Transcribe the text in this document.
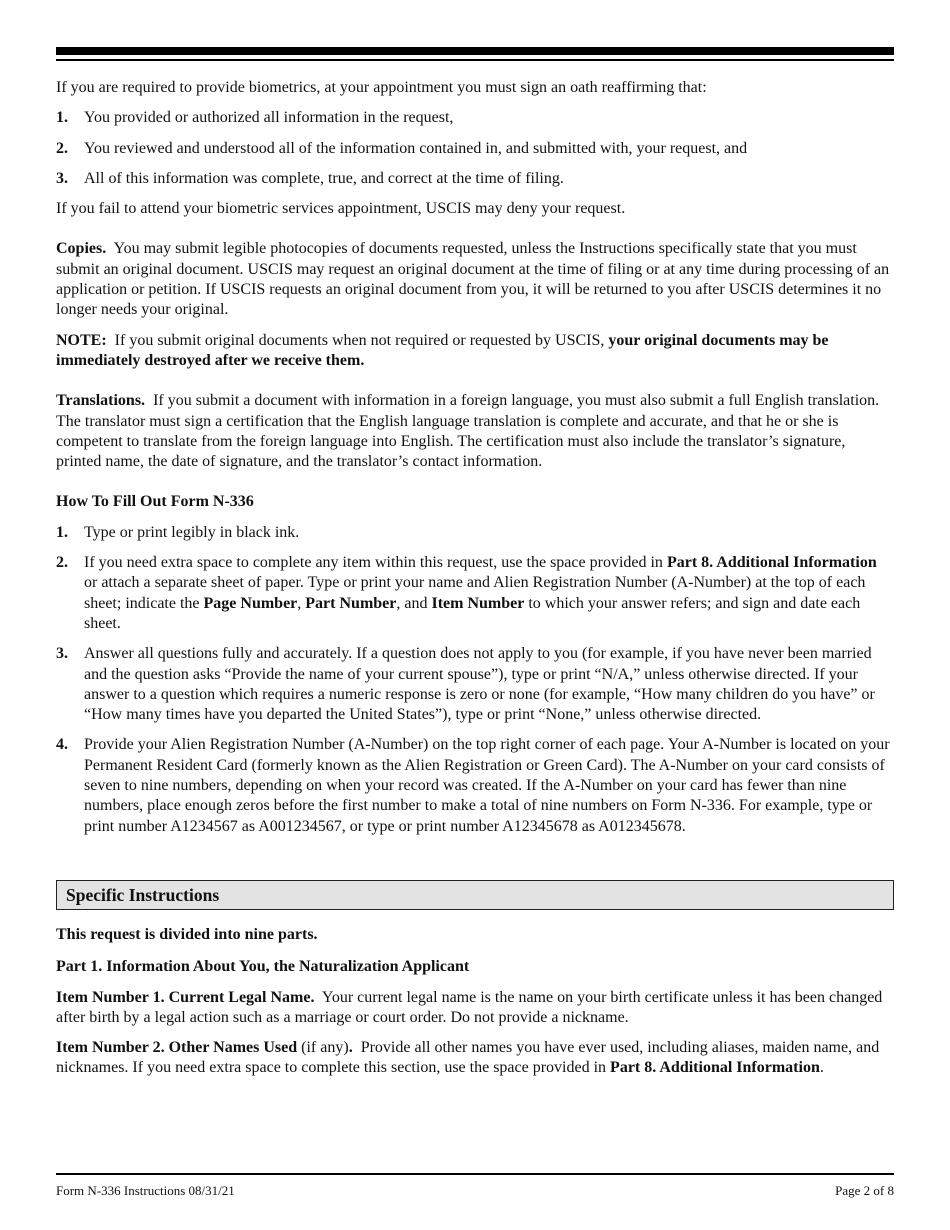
If you are required to provide biometrics, at your appointment you must sign an oath reaffirming that:

1.	You provided or authorized all information in the request,
2.	You reviewed and understood all of the information contained in, and submitted with, your request, and
3.	All of this information was complete, true, and correct at the time of filing.

If you fail to attend your biometric services appointment, USCIS may deny your request.

Copies. You may submit legible photocopies of documents requested, unless the Instructions specifically state that you must submit an original document. USCIS may request an original document at the time of filing or at any time during processing of an application or petition. If USCIS requests an original document from you, it will be returned to you after USCIS determines it no longer needs your original.

NOTE: If you submit original documents when not required or requested by USCIS, your original documents may be immediately destroyed after we receive them.

Translations. If you submit a document with information in a foreign language, you must also submit a full English translation. The translator must sign a certification that the English language translation is complete and accurate, and that he or she is competent to translate from the foreign language into English. The certification must also include the translator’s signature, printed name, the date of signature, and the translator’s contact information.

How To Fill Out Form N-336

1.	Type or print legibly in black ink.
2.	If you need extra space to complete any item within this request, use the space provided in Part 8. Additional Information or attach a separate sheet of paper. Type or print your name and Alien Registration Number (A-Number) at the top of each sheet; indicate the Page Number, Part Number, and Item Number to which your answer refers; and sign and date each sheet.
3.	Answer all questions fully and accurately. If a question does not apply to you (for example, if you have never been married and the question asks “Provide the name of your current spouse”), type or print “N/A,” unless otherwise directed. If your answer to a question which requires a numeric response is zero or none (for example, “How many children do you have” or “How many times have you departed the United States”), type or print “None,” unless otherwise directed.
4.	Provide your Alien Registration Number (A-Number) on the top right corner of each page. Your A-Number is located on your Permanent Resident Card (formerly known as the Alien Registration or Green Card). The A-Number on your card consists of seven to nine numbers, depending on when your record was created. If the A-Number on your card has fewer than nine numbers, place enough zeros before the first number to make a total of nine numbers on Form N-336. For example, type or print number A1234567 as A001234567, or type or print number A12345678 as A012345678.
Specific Instructions

This request is divided into nine parts.

Part 1. Information About You, the Naturalization Applicant

Item Number 1. Current Legal Name. Your current legal name is the name on your birth certificate unless it has been changed after birth by a legal action such as a marriage or court order. Do not provide a nickname.

Item Number 2. Other Names Used (if any). Provide all other names you have ever used, including aliases, maiden name, and nicknames. If you need extra space to complete this section, use the space provided in Part 8. Additional Information.

Form N-336 Instructions 08/31/21	Page 2 of 8
